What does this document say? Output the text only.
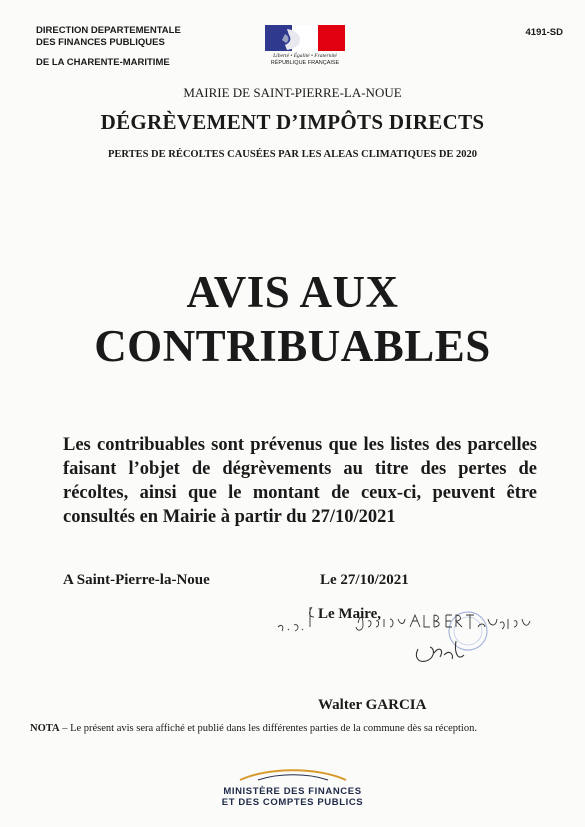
DIRECTION DEPARTEMENTALE
DES FINANCES PUBLIQUES
DE LA CHARENTE-MARITIME
4191-SD
Liberté • Égalité • Fraternité
RÉPUBLIQUE FRANÇAISE
MAIRIE DE SAINT-PIERRE-LA-NOUE
DÉGRÈVEMENT D’IMPÔTS DIRECTS
PERTES DE RÉCOLTES CAUSÉES PAR LES ALEAS CLIMATIQUES DE 2020
AVIS AUX
CONTRIBUABLES
Les contribuables sont prévenus que les listes des parcelles faisant l’objet de dégrèvements au titre des pertes de récoltes, ainsi que le montant de ceux-ci, peuvent être consultés en Mairie à partir du 27/10/2021
A Saint-Pierre-la-Noue	Le 27/10/2021
Le Maire,
Walter GARCIA
NOTA – Le présent avis sera affiché et publié dans les différentes parties de la commune dès sa réception.
MINISTÈRE DES FINANCES
ET DES COMPTES PUBLICS
